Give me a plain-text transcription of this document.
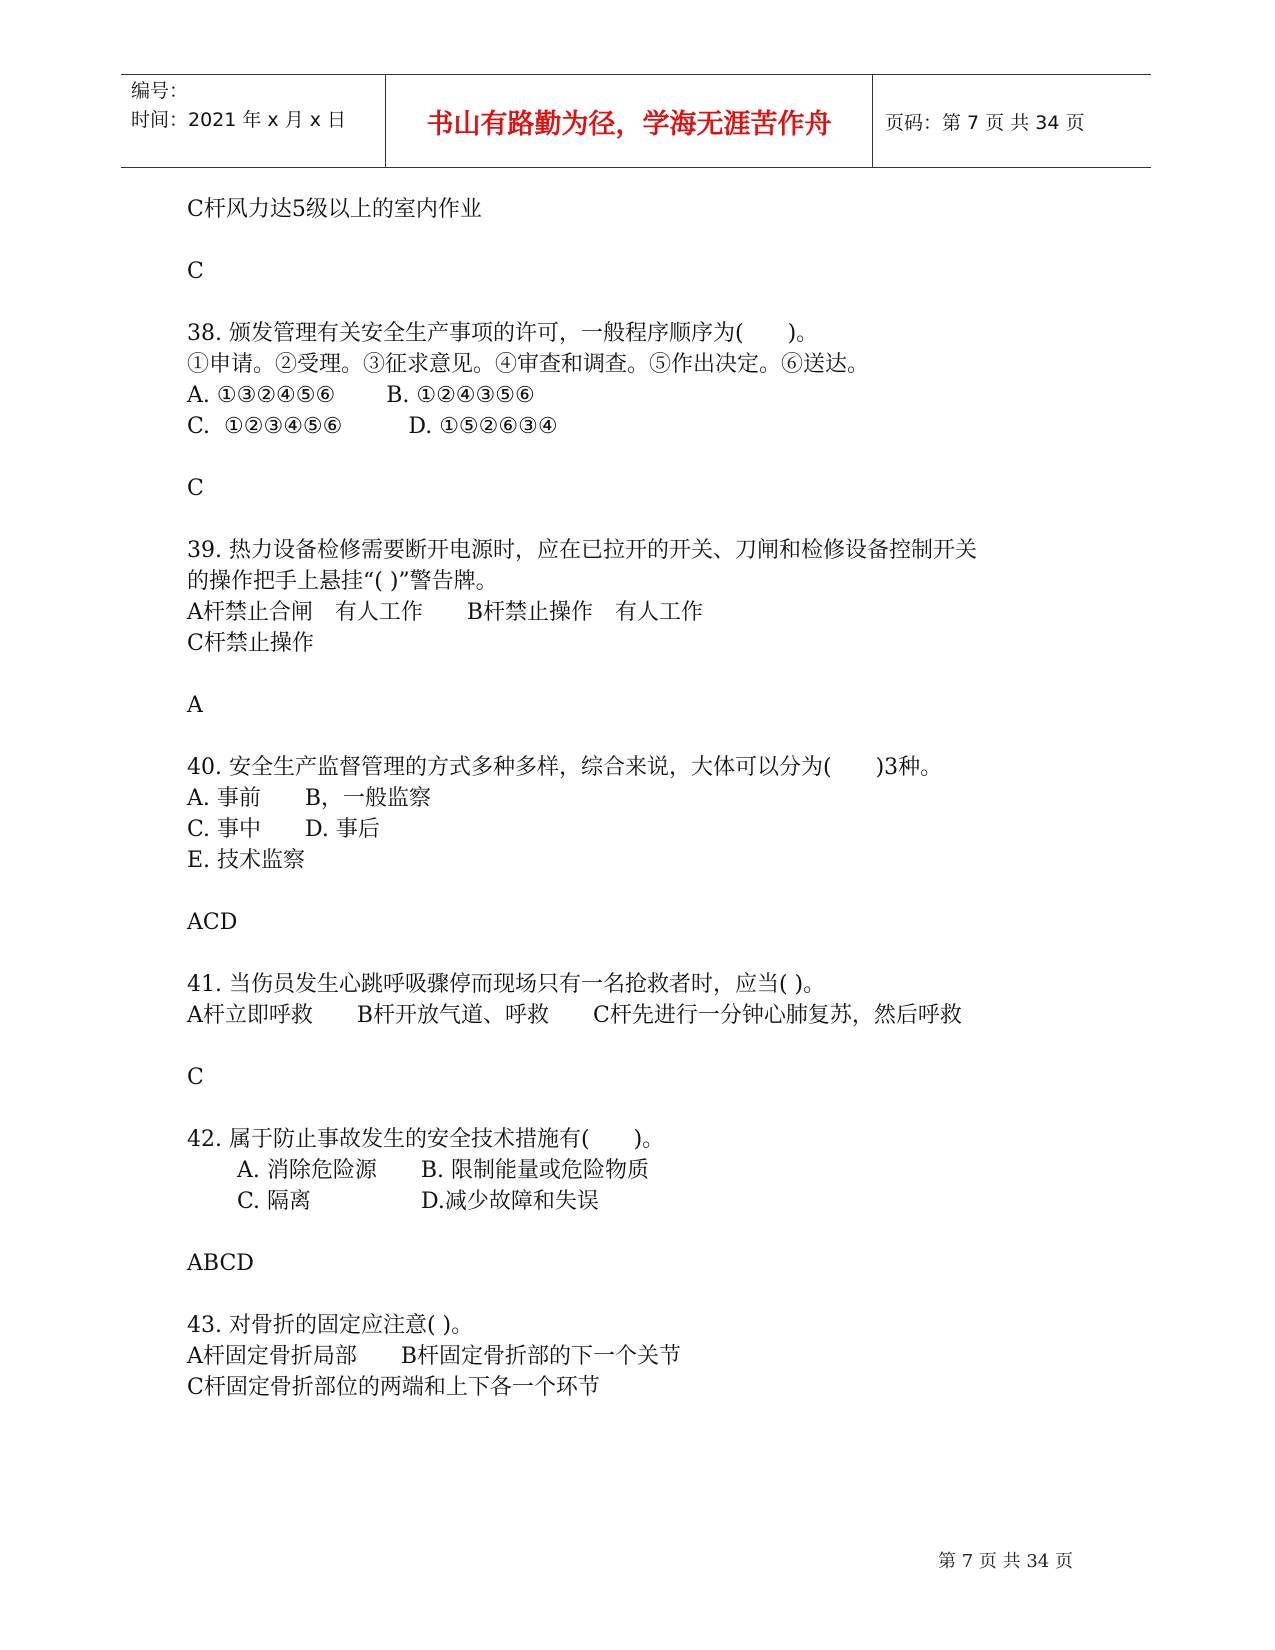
编号：
时间：2021 年 x 月 x 日	书山有路勤为径，学海无涯苦作舟	页码：第 7 页 共 34 页
C杆风力达5级以上的室内作业
C
38. 颁发管理有关安全生产事项的许可，一般程序顺序为(　　)。
①申请。②受理。③征求意见。④审查和调查。⑤作出决定。⑥送达。
A. ①③②④⑤⑥　　 B. ①②④③⑤⑥
C.  ①②③④⑤⑥　　　D. ①⑤②⑥③④
C
39. 热力设备检修需要断开电源时，应在已拉开的开关、刀闸和检修设备控制开关
的操作把手上悬挂“( )”警告牌。
A杆禁止合闸　有人工作　　B杆禁止操作　有人工作
C杆禁止操作
A
40. 安全生产监督管理的方式多种多样，综合来说，大体可以分为(　　)3种。
A. 事前　　B，一般监察
C. 事中　　D. 事后
E. 技术监察
ACD
41. 当伤员发生心跳呼吸骤停而现场只有一名抢救者时，应当( )。
A杆立即呼救　　B杆开放气道、呼救　　C杆先进行一分钟心肺复苏，然后呼救
C
42. 属于防止事故发生的安全技术措施有(　　)。
A. 消除危险源　　B. 限制能量或危险物质
C. 隔离　　　　　D.减少故障和失误
ABCD
43. 对骨折的固定应注意( )。
A杆固定骨折局部　　B杆固定骨折部的下一个关节
C杆固定骨折部位的两端和上下各一个环节
第 7 页 共 34 页
